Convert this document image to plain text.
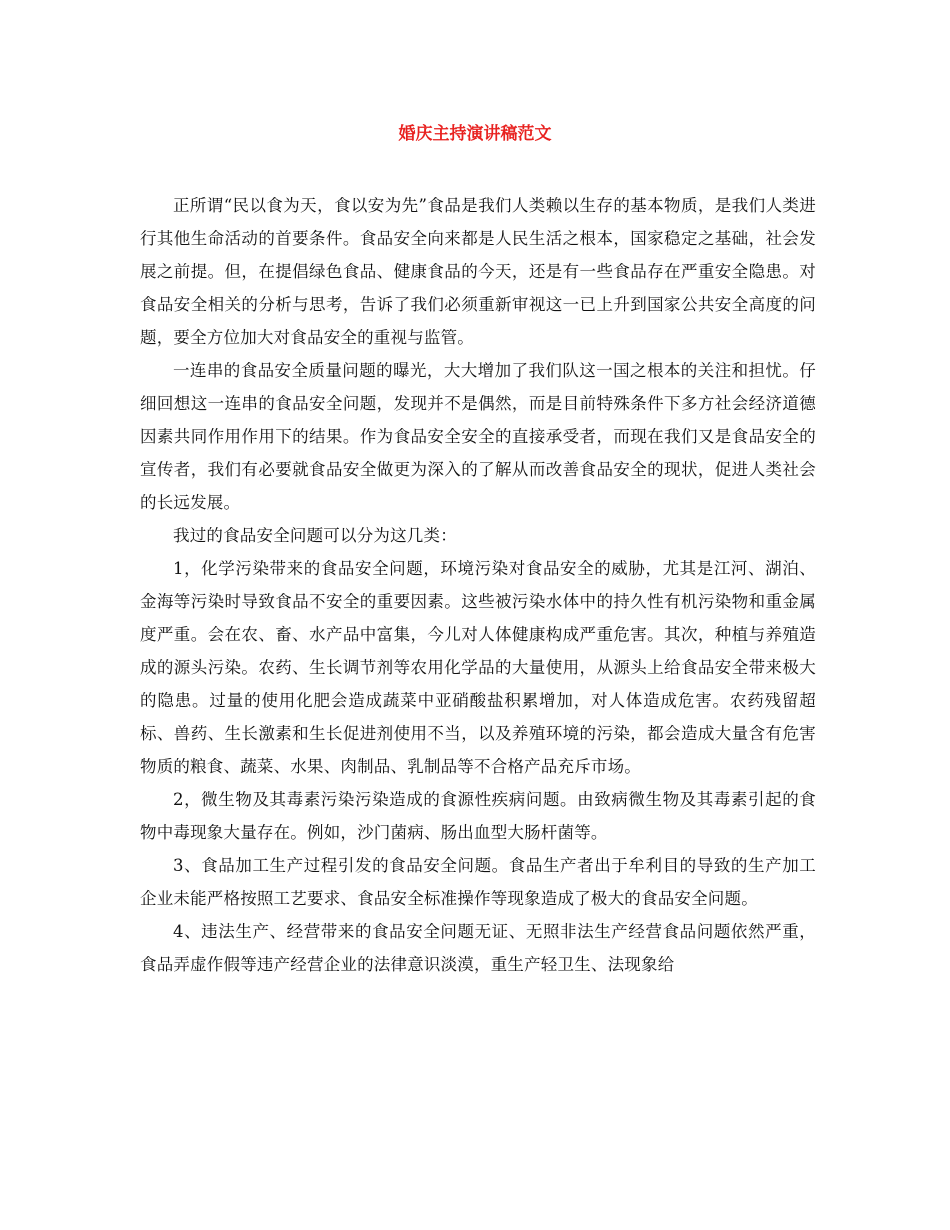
婚庆主持演讲稿范文

正所谓“民以食为天，食以安为先”食品是我们人类赖以生存的基本物质，是我们人类进行其他生命活动的首要条件。食品安全向来都是人民生活之根本，国家稳定之基础，社会发展之前提。但，在提倡绿色食品、健康食品的今天，还是有一些食品存在严重安全隐患。对食品安全相关的分析与思考，告诉了我们必须重新审视这一已上升到国家公共安全高度的问题，要全方位加大对食品安全的重视与监管。

一连串的食品安全质量问题的曝光，大大增加了我们队这一国之根本的关注和担忧。仔细回想这一连串的食品安全问题，发现并不是偶然，而是目前特殊条件下多方社会经济道德因素共同作用作用下的结果。作为食品安全安全的直接承受者，而现在我们又是食品安全的宣传者，我们有必要就食品安全做更为深入的了解从而改善食品安全的现状，促进人类社会的长远发展。

我过的食品安全问题可以分为这几类：

1，化学污染带来的食品安全问题，环境污染对食品安全的威胁，尤其是江河、湖泊、金海等污染时导致食品不安全的重要因素。这些被污染水体中的持久性有机污染物和重金属度严重。会在农、畜、水产品中富集，今儿对人体健康构成严重危害。其次，种植与养殖造成的源头污染。农药、生长调节剂等农用化学品的大量使用，从源头上给食品安全带来极大的隐患。过量的使用化肥会造成蔬菜中亚硝酸盐积累增加，对人体造成危害。农药残留超标、兽药、生长激素和生长促进剂使用不当，以及养殖环境的污染，都会造成大量含有危害物质的粮食、蔬菜、水果、肉制品、乳制品等不合格产品充斥市场。

2，微生物及其毒素污染污染造成的食源性疾病问题。由致病微生物及其毒素引起的食物中毒现象大量存在。例如，沙门菌病、肠出血型大肠杆菌等。

3、食品加工生产过程引发的食品安全问题。食品生产者出于牟利目的导致的生产加工企业未能严格按照工艺要求、食品安全标准操作等现象造成了极大的食品安全问题。

4、违法生产、经营带来的食品安全问题无证、无照非法生产经营食品问题依然严重，食品弄虚作假等违产经营企业的法律意识淡漠，重生产轻卫生、法现象给
